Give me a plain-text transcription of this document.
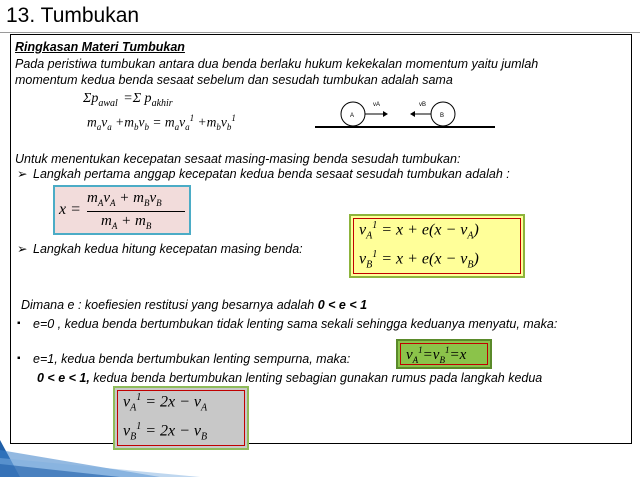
13. Tumbukan
Ringkasan Materi Tumbukan
Pada peristiwa tumbukan antara dua benda berlaku hukum kekekalan momentum yaitu jumlah
momentum kedua benda sesaat sebelum dan sesudah tumbukan adalah sama
$\Sigma p_{awal} =\Sigma$ $p_{akhir}$
$m_av_a +m_bv_b = m_av_a^1 +m_bv_b^1$	A	B
vA	vB
Untuk menentukan kecepatan sesaat masing-masing benda sesudah tumbukan:
➢ Langkah pertama anggap kecepatan kedua benda sesaat sesudah tumbukan adalah :
x =
$m_Av_A + m_Bv_B$
$m_A + m_B$
➢ Langkah kedua hitung kecepatan masing benda:
$v_A^1 = x + e(x - v_A)$
$v_B^1 = x + e(x - v_B)$
Dimana e : koefiesien restitusi yang besarnya adalah 0 < e < 1
▪ e=0 , kedua benda bertumbukan tidak lenting sama sekali sehingga keduanya menyatu, maka:
▪ e=1, kedua benda bertumbukan lenting sempurna, maka:	$v_A^1=v_B^1=x$
0 < e < 1, kedua benda bertumbukan lenting sebagian gunakan rumus pada langkah kedua
$v_A^1 = 2x - v_A$
$v_B^1 = 2x - v_B$
